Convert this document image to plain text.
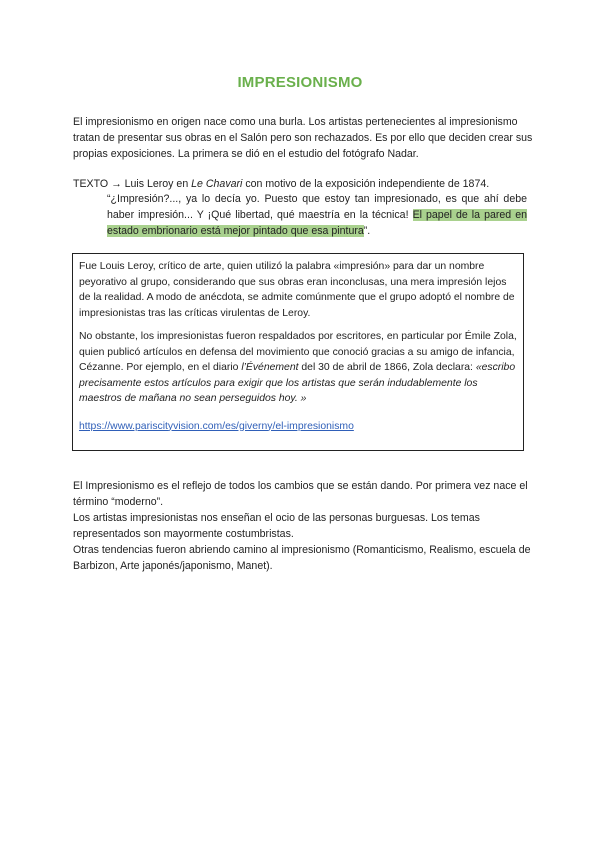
IMPRESIONISMO
El impresionismo en origen nace como una burla. Los artistas pertenecientes al impresionismo tratan de presentar sus obras en el Salón pero son rechazados. Es por ello que deciden crear sus propias exposiciones. La primera se dió en el estudio del fotógrafo Nadar.
TEXTO → Luis Leroy en Le Chavari con motivo de la exposición independiente de 1874.
“¿Impresión?..., ya lo decía yo. Puesto que estoy tan impresionado, es que ahí debe haber impresión... Y ¡Qué libertad, qué maestría en la técnica! El papel de la pared en estado embrionario está mejor pintado que esa pintura”.

Fue Louis Leroy, crítico de arte, quien utilizó la palabra «impresión» para dar un nombre peyorativo al grupo, considerando que sus obras eran inconclusas, una mera impresión lejos de la realidad. A modo de anécdota, se admite comúnmente que el grupo adoptó el nombre de impresionistas tras las críticas virulentas de Leroy.

No obstante, los impresionistas fueron respaldados por escritores, en particular por Émile Zola, quien publicó artículos en defensa del movimiento que conoció gracias a su amigo de infancia, Cézanne. Por ejemplo, en el diario l’Événement del 30 de abril de 1866, Zola declara: «escribo precisamente estos artículos para exigir que los artistas que serán indudablemente los maestros de mañana no sean perseguidos hoy. »

https://www.pariscityvision.com/es/giverny/el-impresionismo
El Impresionismo es el reflejo de todos los cambios que se están dando. Por primera vez nace el término “moderno”.
Los artistas impresionistas nos enseñan el ocio de las personas burguesas. Los temas representados son mayormente costumbristas.
Otras tendencias fueron abriendo camino al impresionismo (Romanticismo, Realismo, escuela de Barbizon, Arte japonés/japonismo, Manet).
